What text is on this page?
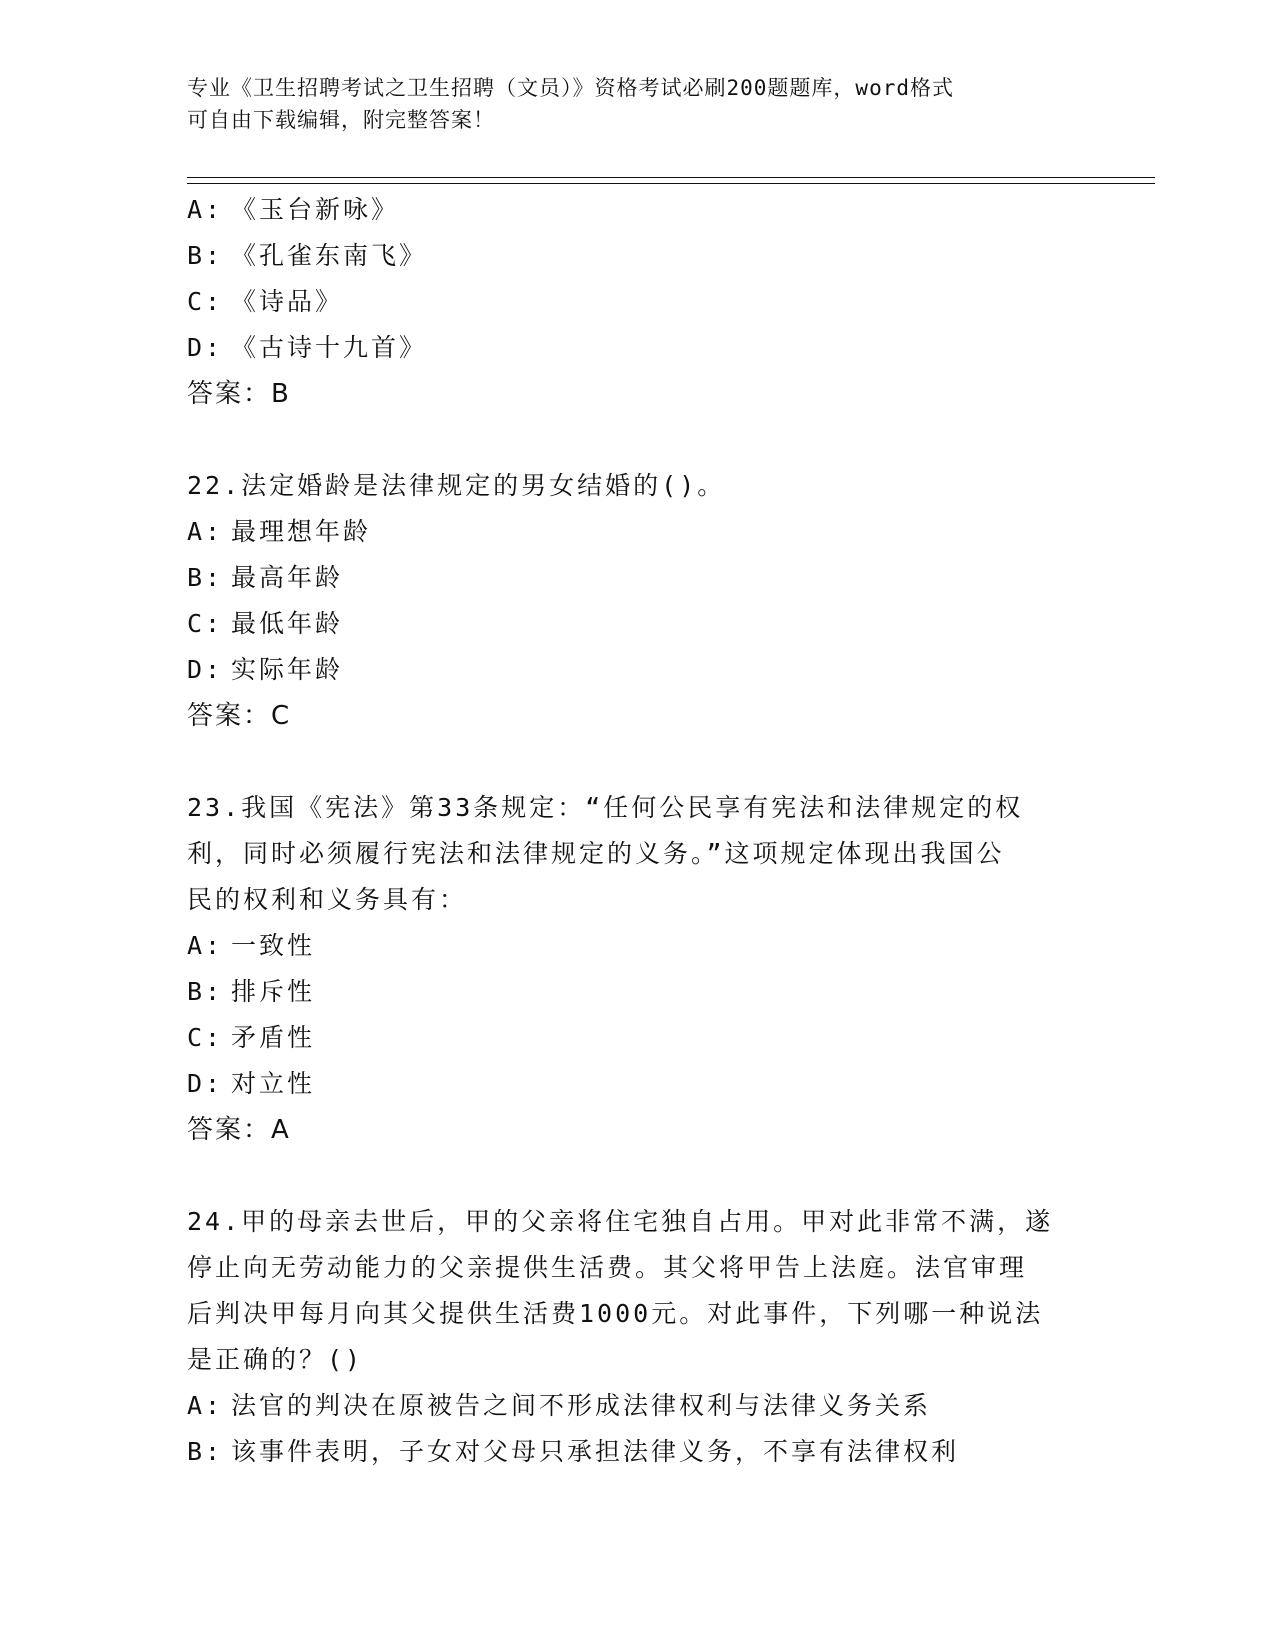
专业《卫生招聘考试之卫生招聘（文员）》资格考试必刷200题题库，word格式
可自由下载编辑，附完整答案！
A: 《玉台新咏》
B: 《孔雀东南飞》
C: 《诗品》
D: 《古诗十九首》
答案：B
22.法定婚龄是法律规定的男女结婚的()。
A: 最理想年龄
B: 最高年龄
C: 最低年龄
D: 实际年龄
答案：C
23.我国《宪法》第33条规定：“任何公民享有宪法和法律规定的权
利，同时必须履行宪法和法律规定的义务。”这项规定体现出我国公
民的权利和义务具有：
A: 一致性
B: 排斥性
C: 矛盾性
D: 对立性
答案：A
24.甲的母亲去世后，甲的父亲将住宅独自占用。甲对此非常不满，遂
停止向无劳动能力的父亲提供生活费。其父将甲告上法庭。法官审理
后判决甲每月向其父提供生活费1000元。对此事件，下列哪一种说法
是正确的？()
A: 法官的判决在原被告之间不形成法律权利与法律义务关系
B: 该事件表明，子女对父母只承担法律义务，不享有法律权利
